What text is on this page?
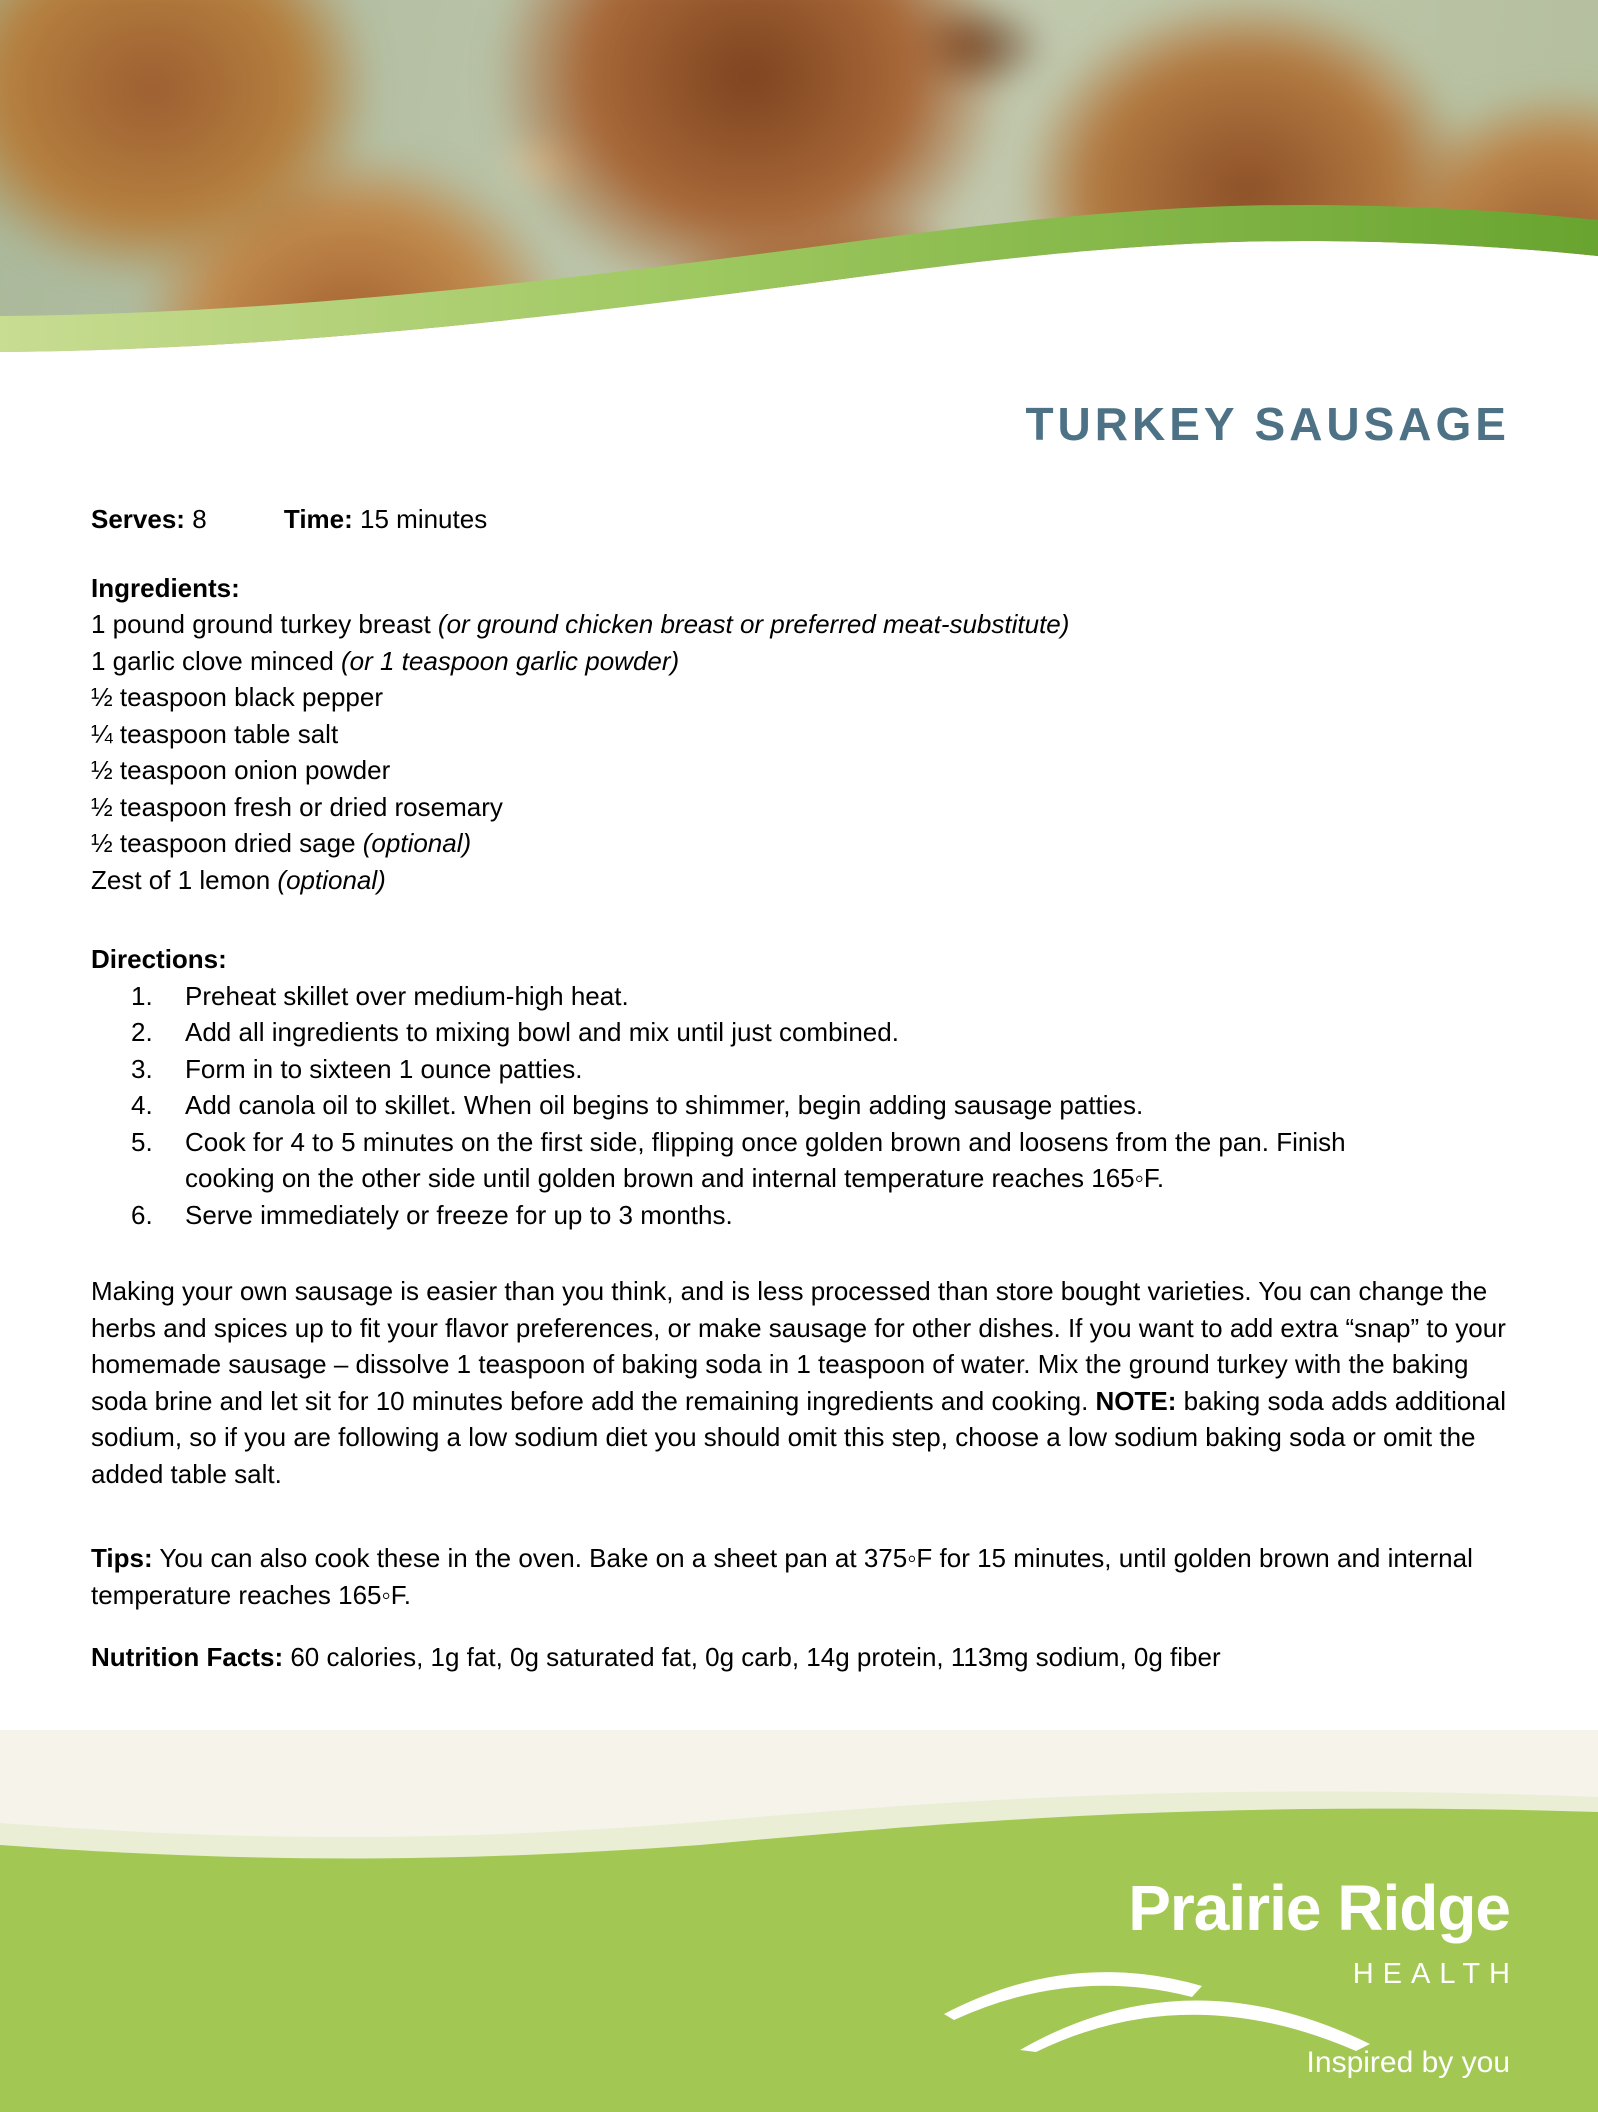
TURKEY SAUSAGE
Serves: 8	Time: 15 minutes
Ingredients:
1 pound ground turkey breast (or ground chicken breast or preferred meat-substitute)
1 garlic clove minced (or 1 teaspoon garlic powder)
½ teaspoon black pepper
¼ teaspoon table salt
½ teaspoon onion powder
½ teaspoon fresh or dried rosemary
½ teaspoon dried sage (optional)
Zest of 1 lemon (optional)
Directions:
1.	Preheat skillet over medium-high heat.
2.	Add all ingredients to mixing bowl and mix until just combined.
3.	Form in to sixteen 1 ounce patties.
4.	Add canola oil to skillet. When oil begins to shimmer, begin adding sausage patties.
5.	Cook for 4 to 5 minutes on the first side, flipping once golden brown and loosens from the pan. Finish cooking on the other side until golden brown and internal temperature reaches 165◦F.
6.	Serve immediately or freeze for up to 3 months.

Making your own sausage is easier than you think, and is less processed than store bought varieties. You can change the herbs and spices up to fit your flavor preferences, or make sausage for other dishes. If you want to add extra “snap” to your homemade sausage – dissolve 1 teaspoon of baking soda in 1 teaspoon of water. Mix the ground turkey with the baking soda brine and let sit for 10 minutes before add the remaining ingredients and cooking. NOTE: baking soda adds additional sodium, so if you are following a low sodium diet you should omit this step, choose a low sodium baking soda or omit the added table salt.

Tips: You can also cook these in the oven. Bake on a sheet pan at 375◦F for 15 minutes, until golden brown and internal temperature reaches 165◦F.

Nutrition Facts: 60 calories, 1g fat, 0g saturated fat, 0g carb, 14g protein, 113mg sodium, 0g fiber

Prairie Ridge

HEALTH

Inspired by you
